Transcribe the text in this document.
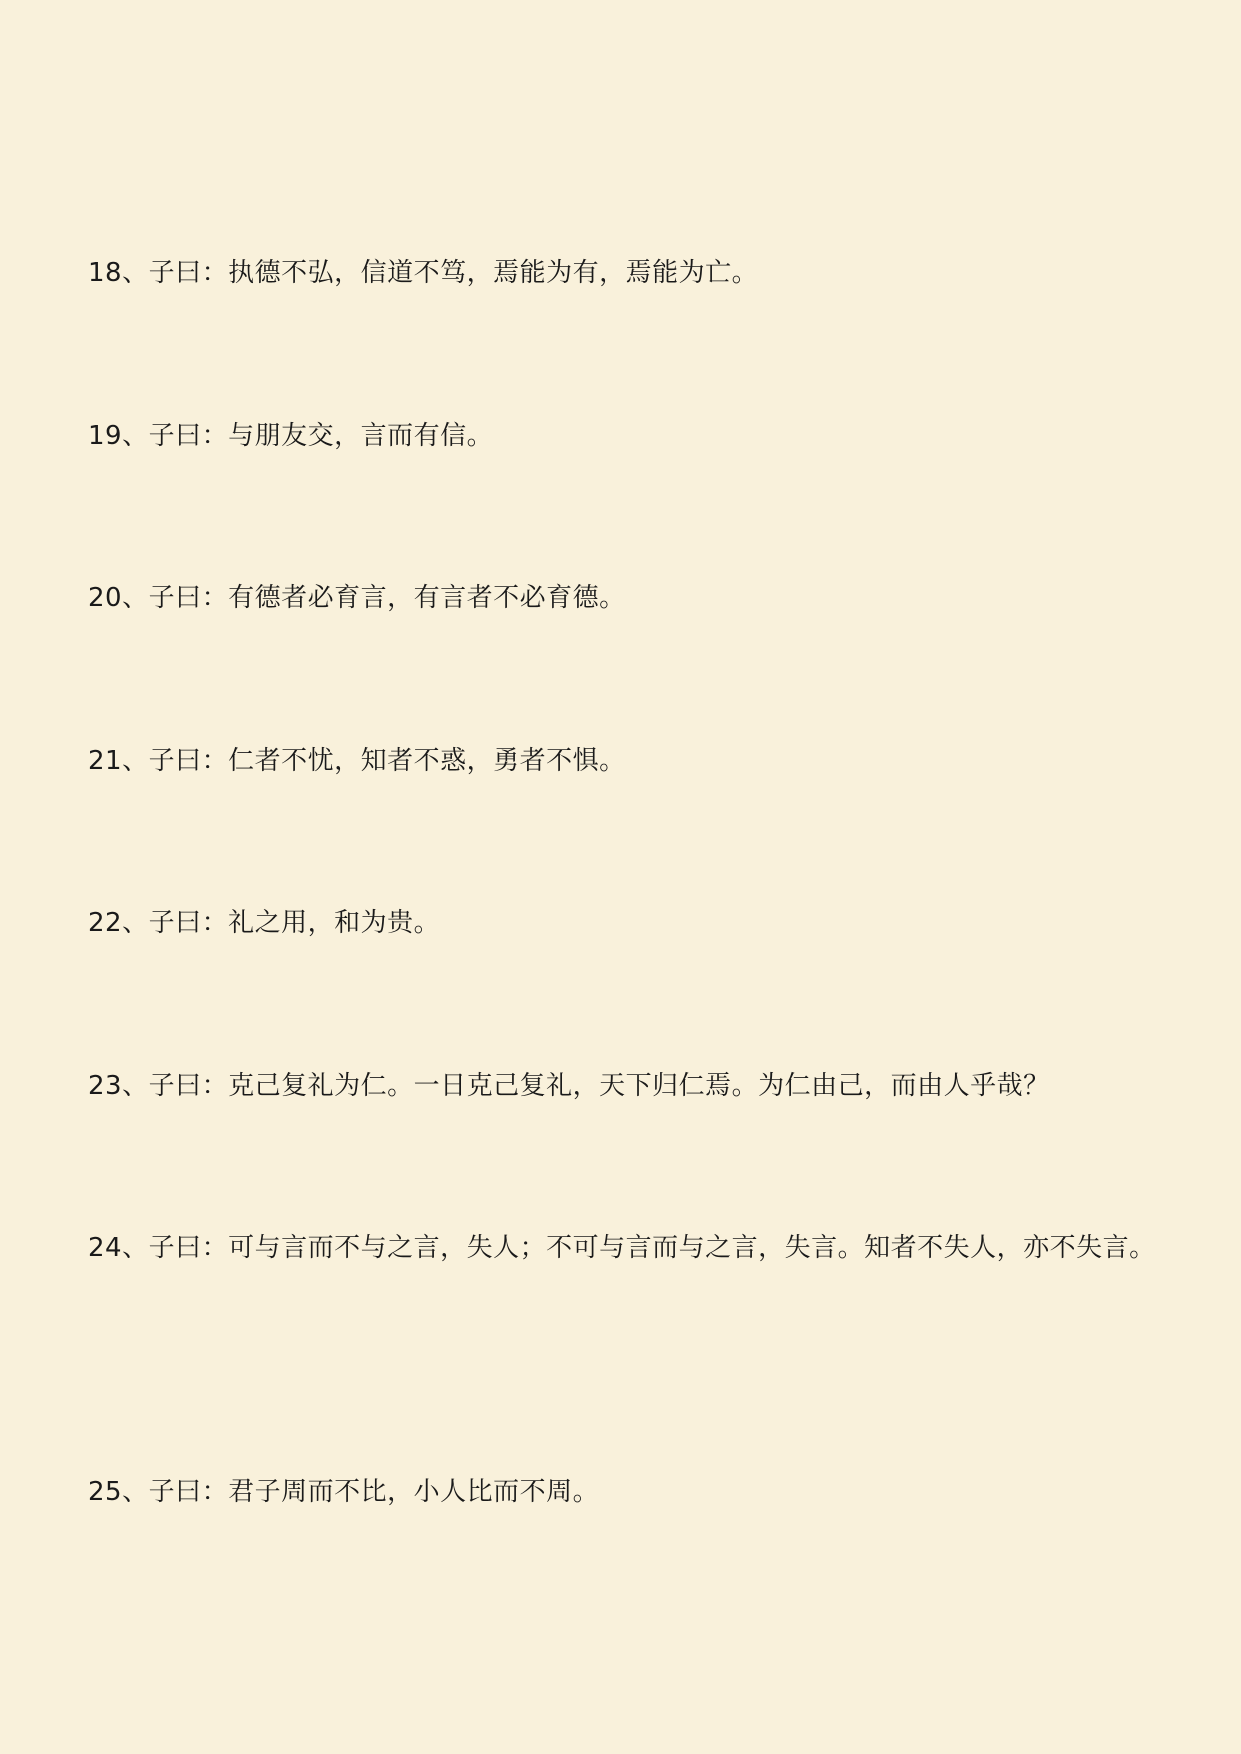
18、子曰：执德不弘，信道不笃，焉能为有，焉能为亡。

19、子曰：与朋友交，言而有信。

20、子曰：有德者必育言，有言者不必育德。

21、子曰：仁者不忧，知者不惑，勇者不惧。

22、子曰：礼之用，和为贵。

23、子曰：克己复礼为仁。一日克己复礼，天下归仁焉。为仁由己，而由人乎哉？

24、子曰：可与言而不与之言，失人；不可与言而与之言，失言。知者不失人，亦不失言。

25、子曰：君子周而不比，小人比而不周。
